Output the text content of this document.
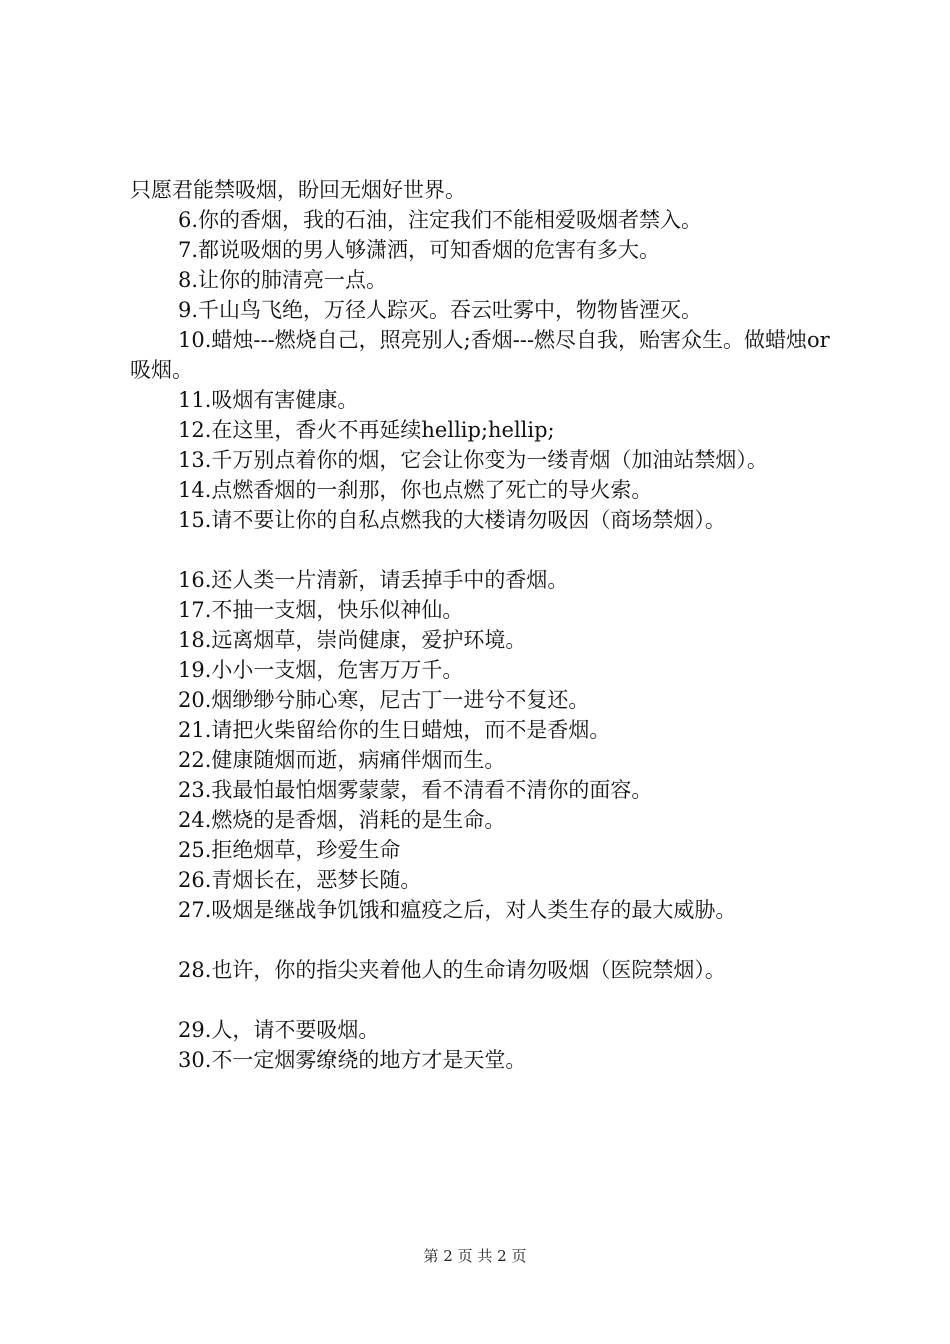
只愿君能禁吸烟，盼回无烟好世界。
6.你的香烟，我的石油，注定我们不能相爱吸烟者禁入。
7.都说吸烟的男人够潇洒，可知香烟的危害有多大。
8.让你的肺清亮一点。
9.千山鸟飞绝，万径人踪灭。吞云吐雾中，物物皆湮灭。
10.蜡烛---燃烧自己，照亮别人;香烟---燃尽自我，贻害众生。做蜡烛or吸烟。
11.吸烟有害健康。
12.在这里，香火不再延续hellip;hellip;
13.千万别点着你的烟，它会让你变为一缕青烟（加油站禁烟）。
14.点燃香烟的一刹那，你也点燃了死亡的导火索。
15.请不要让你的自私点燃我的大楼请勿吸因（商场禁烟）。
16.还人类一片清新，请丢掉手中的香烟。
17.不抽一支烟，快乐似神仙。
18.远离烟草，崇尚健康，爱护环境。
19.小小一支烟，危害万万千。
20.烟缈缈兮肺心寒，尼古丁一进兮不复还。
21.请把火柴留给你的生日蜡烛，而不是香烟。
22.健康随烟而逝，病痛伴烟而生。
23.我最怕最怕烟雾蒙蒙，看不清看不清你的面容。
24.燃烧的是香烟，消耗的是生命。
25.拒绝烟草，珍爱生命
26.青烟长在，恶梦长随。
27.吸烟是继战争饥饿和瘟疫之后，对人类生存的最大威胁。
28.也许，你的指尖夹着他人的生命请勿吸烟（医院禁烟）。
29.人，请不要吸烟。
30.不一定烟雾缭绕的地方才是天堂。
第 2 页 共 2 页
